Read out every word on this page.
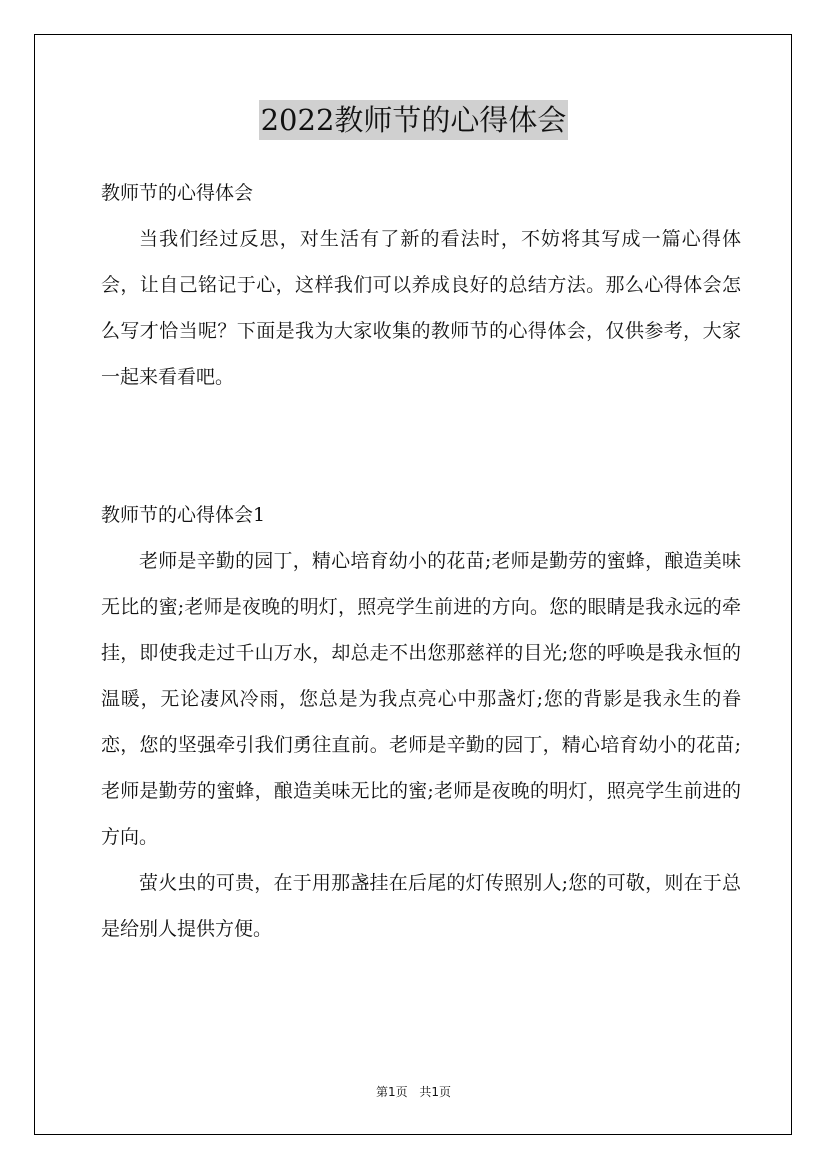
2022教师节的心得体会

教师节的心得体会

当我们经过反思，对生活有了新的看法时，不妨将其写成一篇心得体会，让自己铭记于心，这样我们可以养成良好的总结方法。那么心得体会怎么写才恰当呢？下面是我为大家收集的教师节的心得体会，仅供参考，大家一起来看看吧。

教师节的心得体会1

老师是辛勤的园丁，精心培育幼小的花苗;老师是勤劳的蜜蜂，酿造美味无比的蜜;老师是夜晚的明灯，照亮学生前进的方向。您的眼睛是我永远的牵挂，即使我走过千山万水，却总走不出您那慈祥的目光;您的呼唤是我永恒的温暖，无论凄风冷雨，您总是为我点亮心中那盏灯;您的背影是我永生的眷恋，您的坚强牵引我们勇往直前。老师是辛勤的园丁，精心培育幼小的花苗;老师是勤劳的蜜蜂，酿造美味无比的蜜;老师是夜晚的明灯，照亮学生前进的方向。

萤火虫的可贵，在于用那盏挂在后尾的灯传照别人;您的可敬，则在于总是给别人提供方便。

第1页 共1页
